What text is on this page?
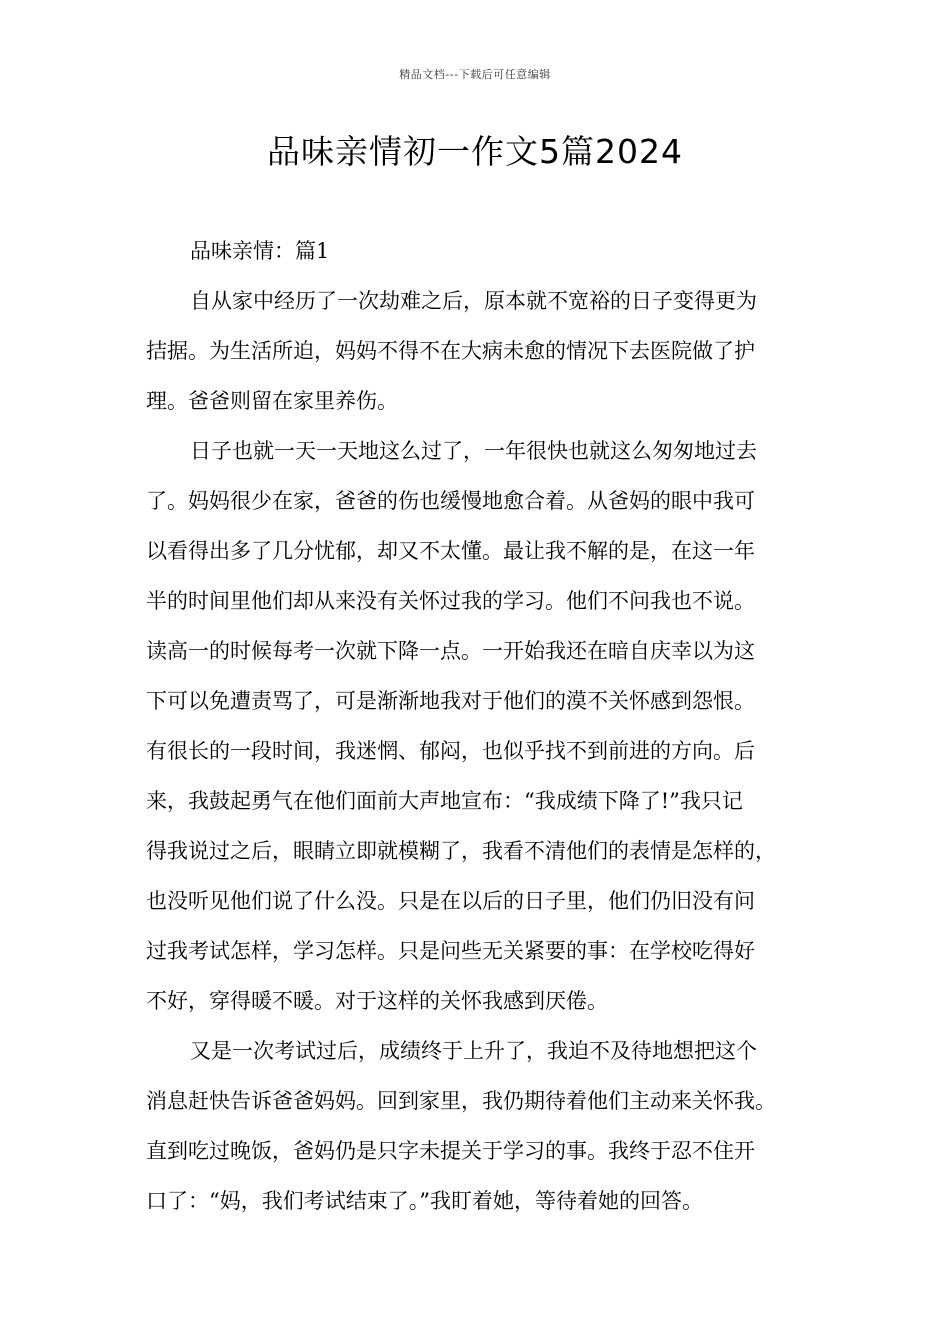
精品文档---下载后可任意编辑
品味亲情初一作文5篇2024
品味亲情：篇1
自从家中经历了一次劫难之后，原本就不宽裕的日子变得更为
拮据。为生活所迫，妈妈不得不在大病未愈的情况下去医院做了护
理。爸爸则留在家里养伤。
日子也就一天一天地这么过了，一年很快也就这么匆匆地过去
了。妈妈很少在家，爸爸的伤也缓慢地愈合着。从爸妈的眼中我可
以看得出多了几分忧郁，却又不太懂。最让我不解的是，在这一年
半的时间里他们却从来没有关怀过我的学习。他们不问我也不说。
读高一的时候每考一次就下降一点。一开始我还在暗自庆幸以为这
下可以免遭责骂了，可是渐渐地我对于他们的漠不关怀感到怨恨。
有很长的一段时间，我迷惘、郁闷，也似乎找不到前进的方向。后
来，我鼓起勇气在他们面前大声地宣布：“我成绩下降了!”我只记
得我说过之后，眼睛立即就模糊了，我看不清他们的表情是怎样的，
也没听见他们说了什么没。只是在以后的日子里，他们仍旧没有问
过我考试怎样，学习怎样。只是问些无关紧要的事：在学校吃得好
不好，穿得暖不暖。对于这样的关怀我感到厌倦。
又是一次考试过后，成绩终于上升了，我迫不及待地想把这个
消息赶快告诉爸爸妈妈。回到家里，我仍期待着他们主动来关怀我。
直到吃过晚饭，爸妈仍是只字未提关于学习的事。我终于忍不住开
口了：“妈，我们考试结束了。”我盯着她，等待着她的回答。
